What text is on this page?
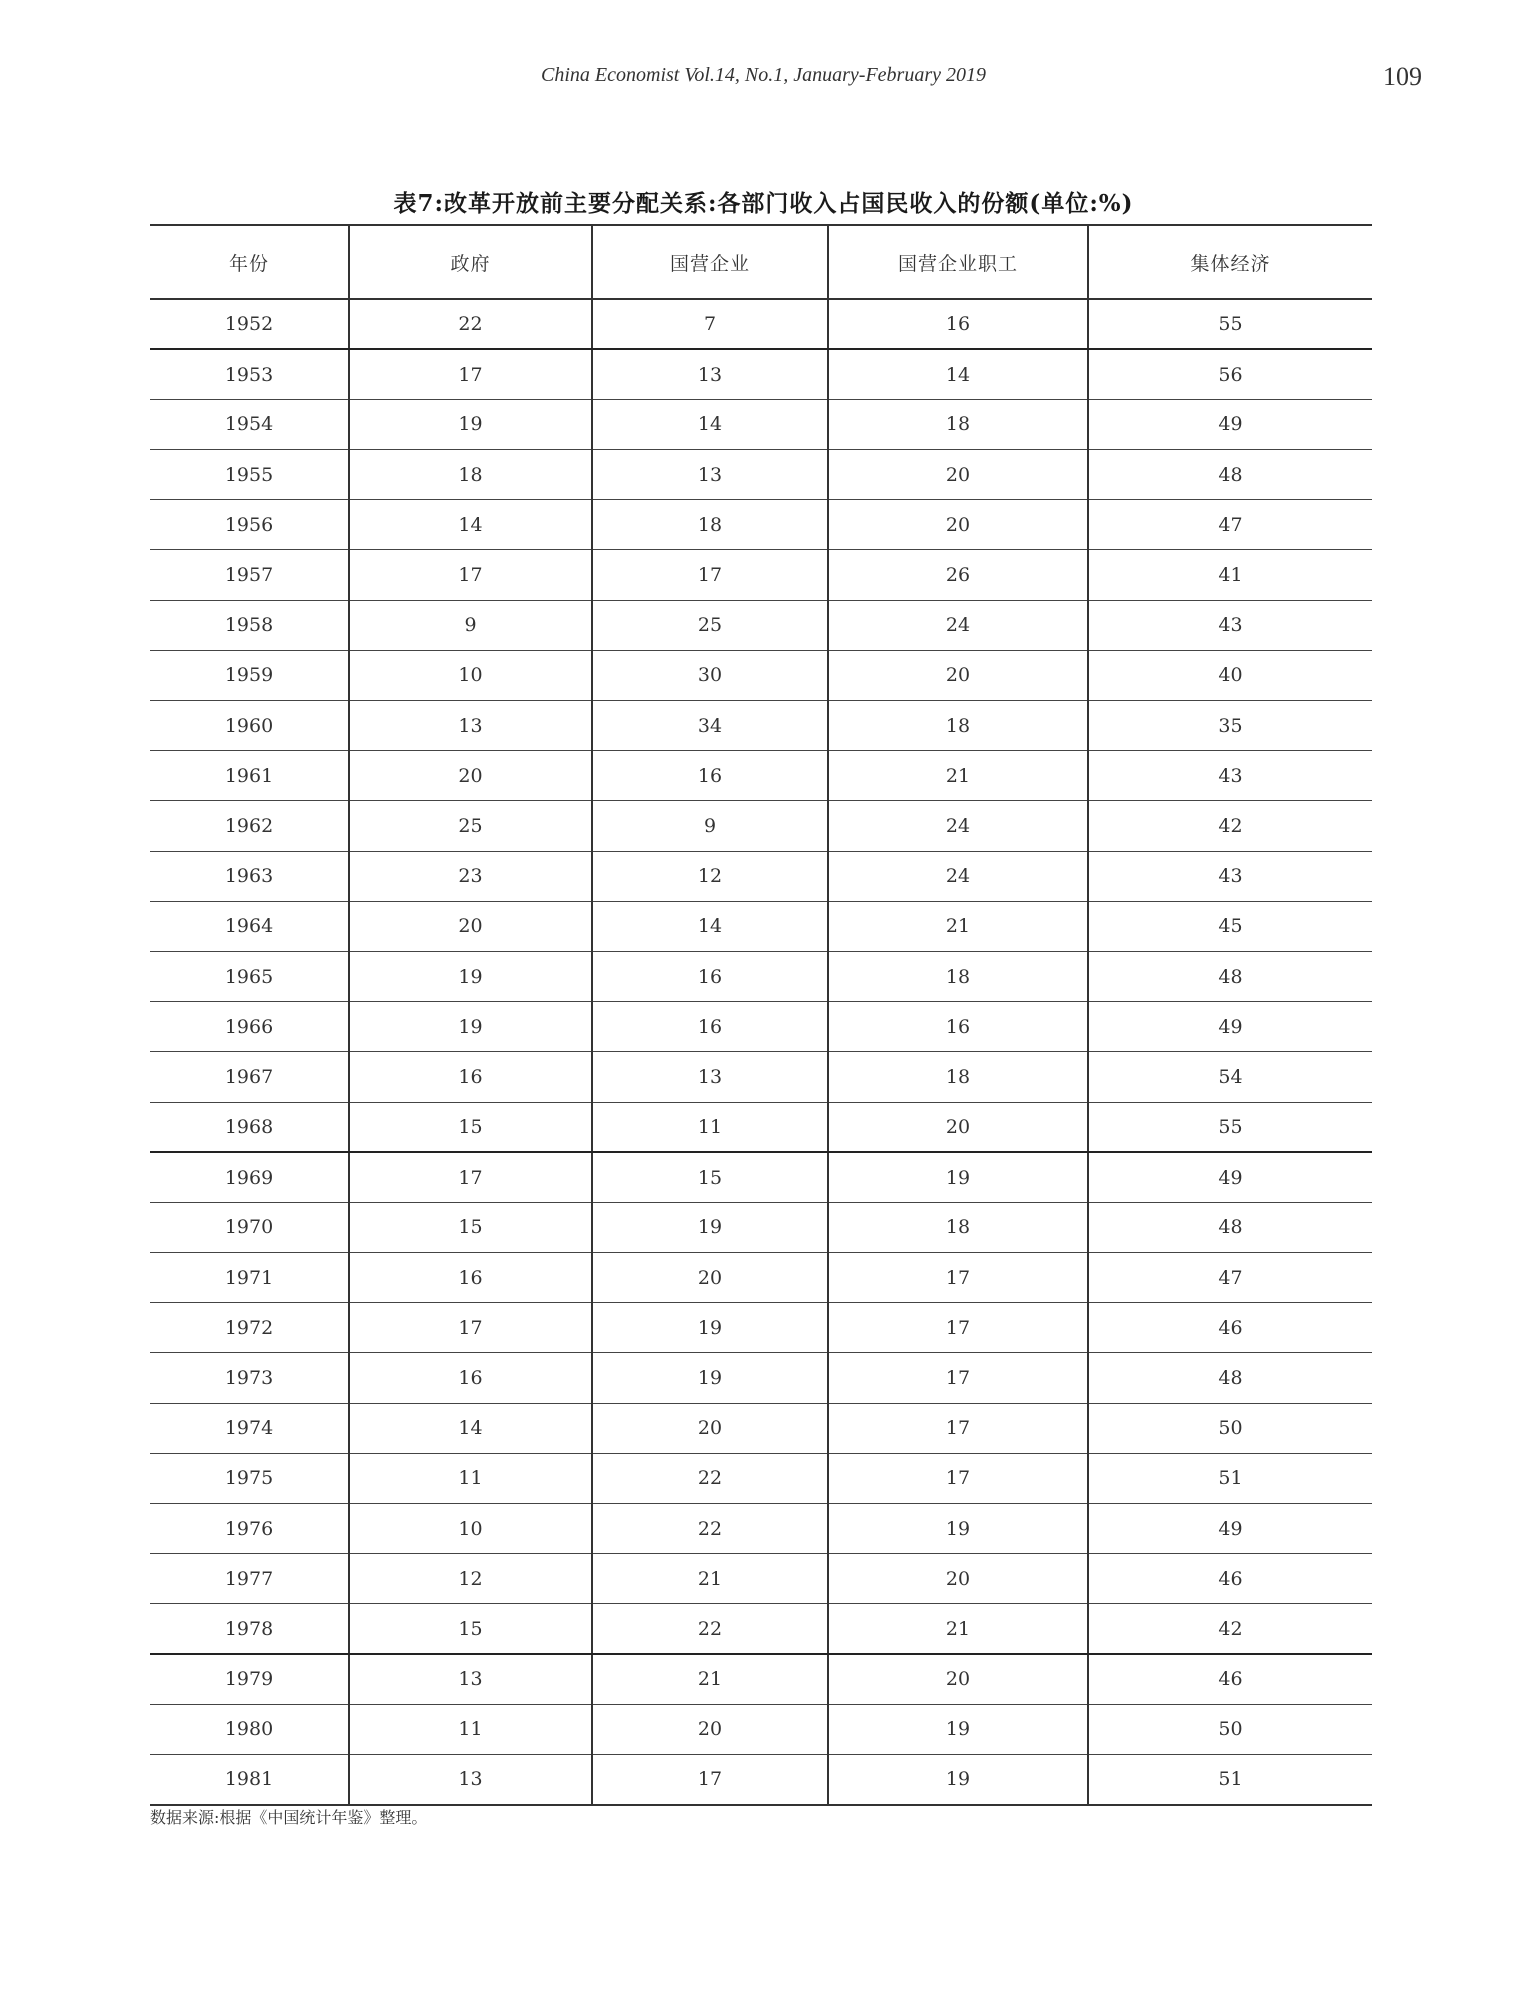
China Economist Vol.14, No.1, January-February 2019	109
表7:改革开放前主要分配关系:各部门收入占国民收入的份额(单位:%)
年份	政府	国营企业	国营企业职工	集体经济
1952	22	7	16	55
1953	17	13	14	56
1954	19	14	18	49
1955	18	13	20	48
1956	14	18	20	47
1957	17	17	26	41
1958	9	25	24	43
1959	10	30	20	40
1960	13	34	18	35
1961	20	16	21	43
1962	25	9	24	42
1963	23	12	24	43
1964	20	14	21	45
1965	19	16	18	48
1966	19	16	16	49
1967	16	13	18	54
1968	15	11	20	55
1969	17	15	19	49
1970	15	19	18	48
1971	16	20	17	47
1972	17	19	17	46
1973	16	19	17	48
1974	14	20	17	50
1975	11	22	17	51
1976	10	22	19	49
1977	12	21	20	46
1978	15	22	21	42
1979	13	21	20	46
1980	11	20	19	50
1981	13	17	19	51
数据来源:根据《中国统计年鉴》整理。
